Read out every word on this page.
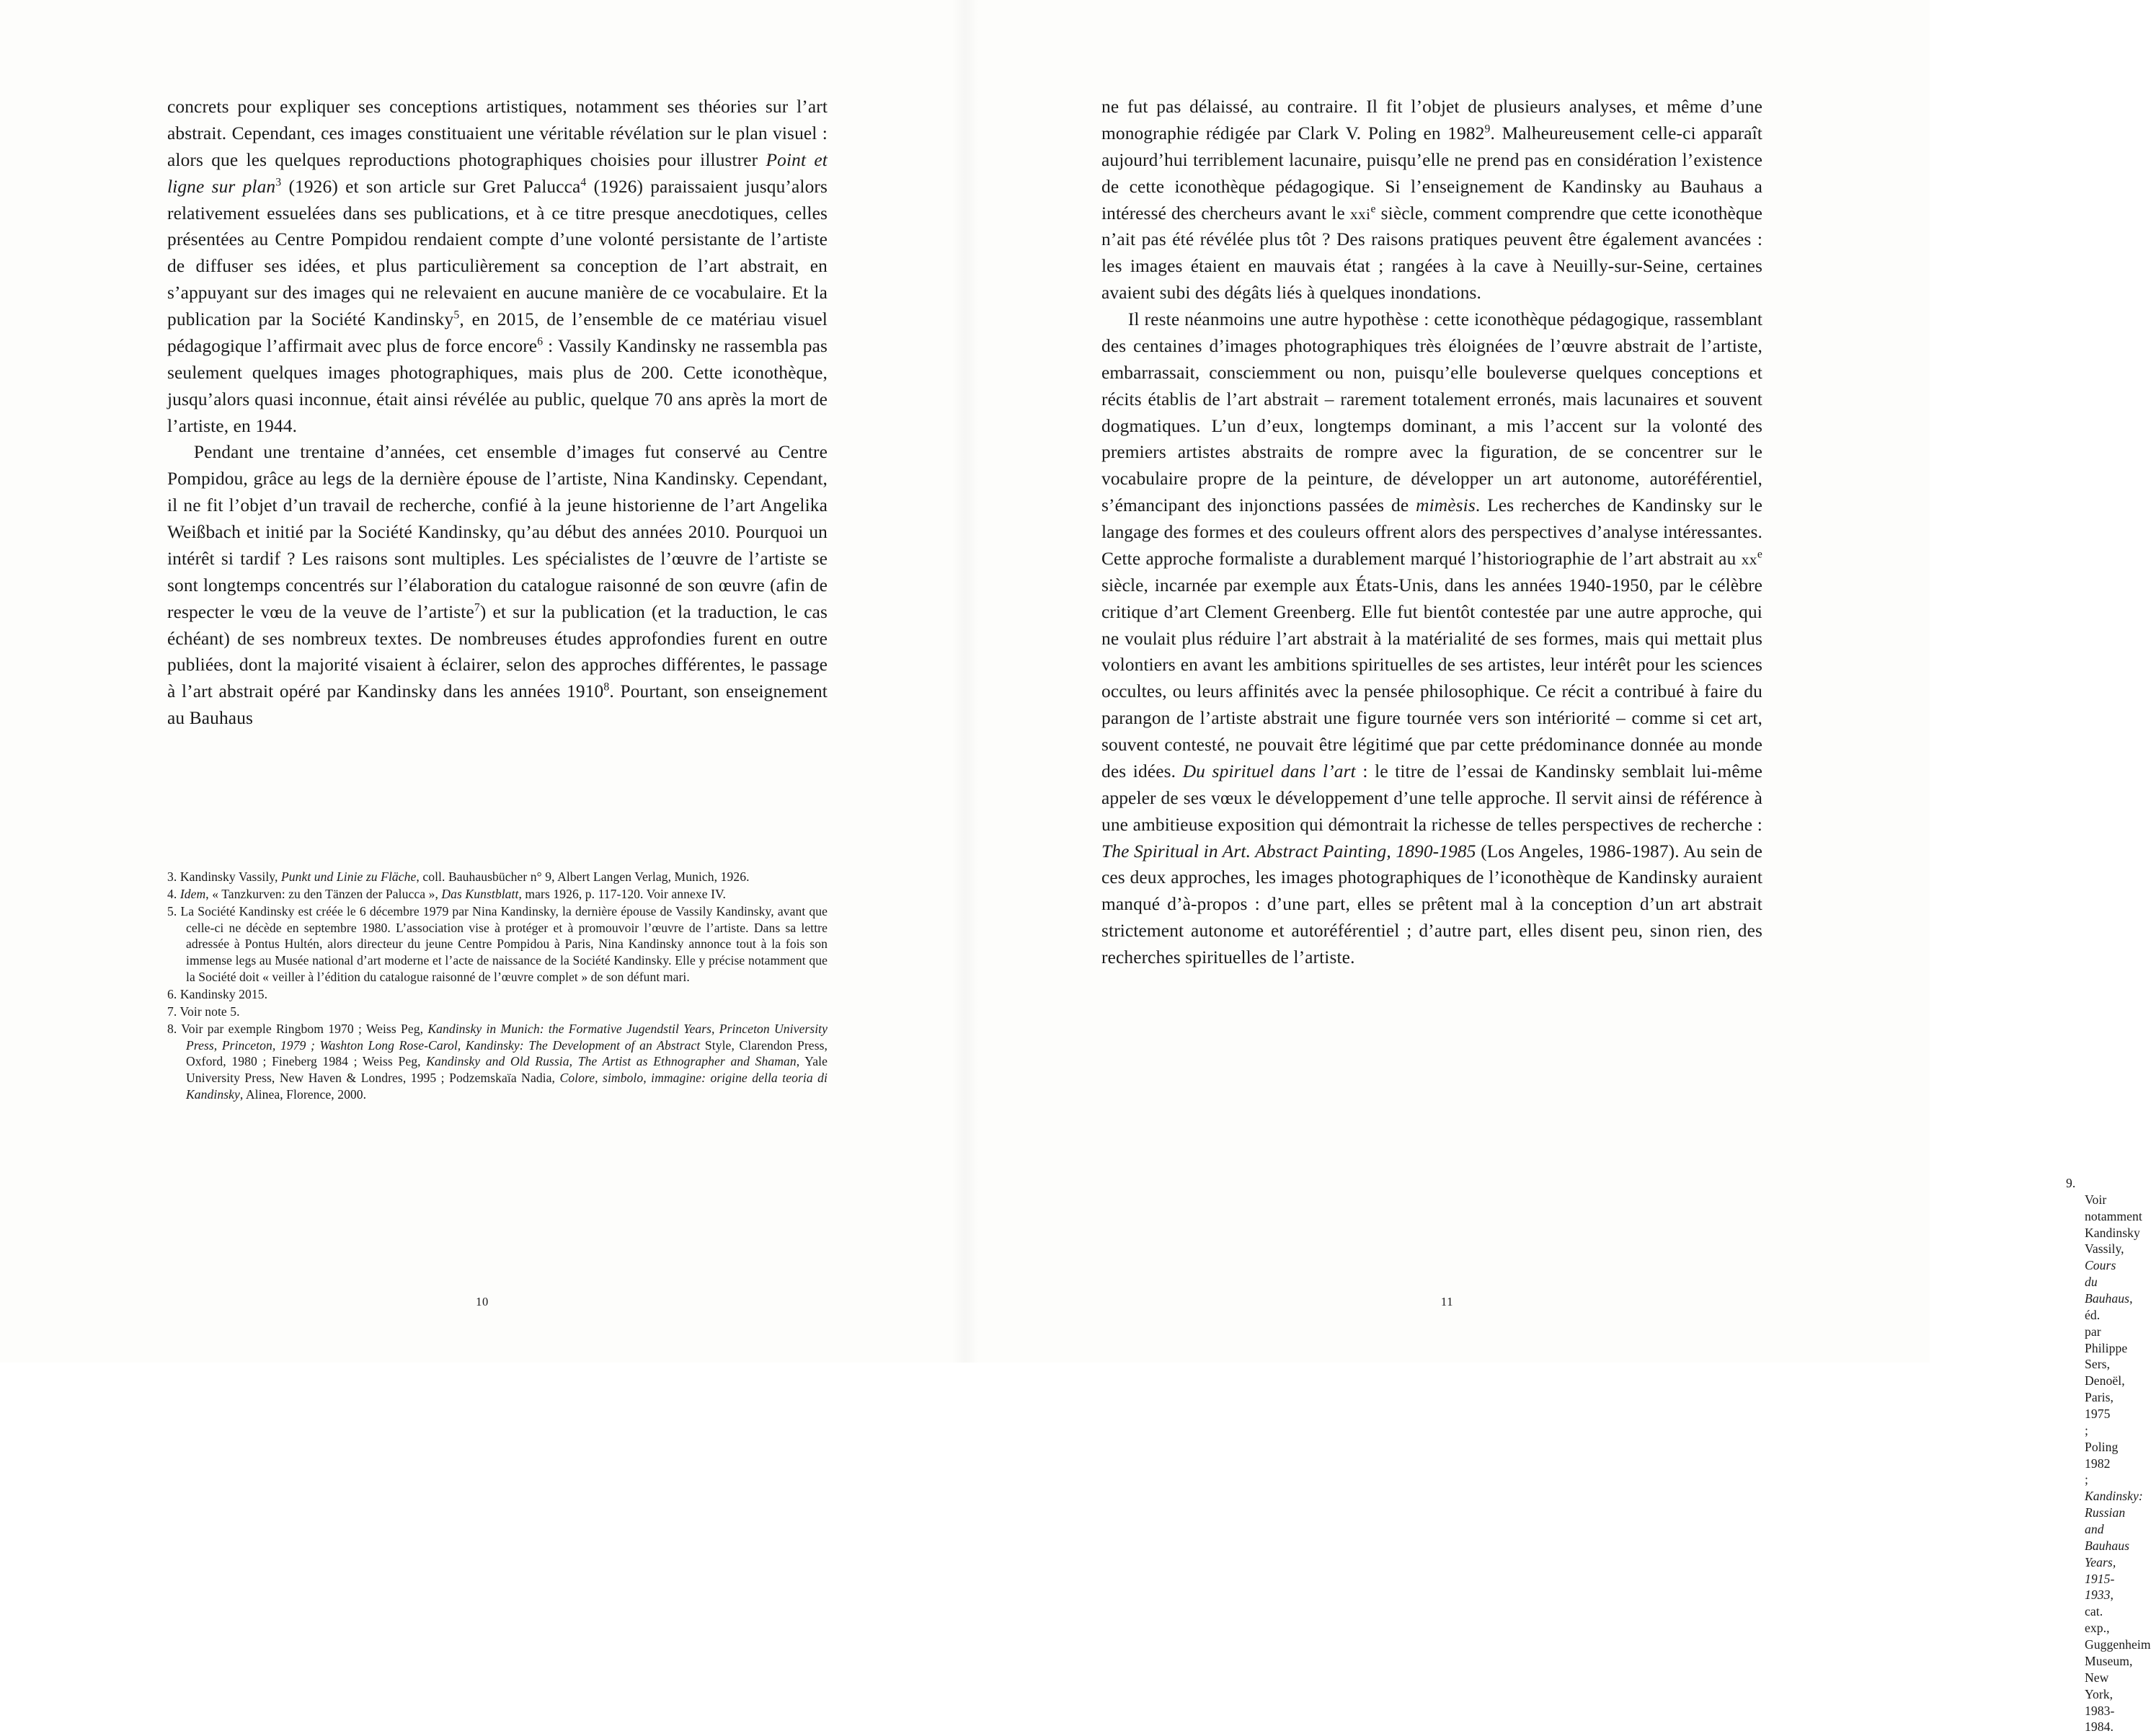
concrets pour expliquer ses conceptions artistiques, notamment ses théories sur l’art abstrait. Cependant, ces images constituaient une véritable révélation sur le plan visuel : alors que les quelques reproductions photographiques choisies pour illustrer Point et ligne sur plan$^3$ (1926) et son article sur Gret Palucca$^4$ (1926) paraissaient jusqu’alors relativement essuelées dans ses publications, et à ce titre presque anecdotiques, celles présentées au Centre Pompidou rendaient compte d’une volonté persistante de l’artiste de diffuser ses idées, et plus particulièrement sa conception de l’art abstrait, en s’appuyant sur des images qui ne relevaient en aucune manière de ce vocabulaire. Et la publication par la Société Kandinsky$^5$, en 2015, de l’ensemble de ce matériau visuel pédagogique l’affirmait avec plus de force encore$^6$ : Vassily Kandinsky ne rassembla pas seulement quelques images photographiques, mais plus de 200. Cette iconothèque, jusqu’alors quasi inconnue, était ainsi révélée au public, quelque 70 ans après la mort de l’artiste, en 1944.

Pendant une trentaine d’années, cet ensemble d’images fut conservé au Centre Pompidou, grâce au legs de la dernière épouse de l’artiste, Nina Kandinsky. Cependant, il ne fit l’objet d’un travail de recherche, confié à la jeune historienne de l’art Angelika Weißbach et initié par la Société Kandinsky, qu’au début des années 2010. Pourquoi un intérêt si tardif ? Les raisons sont multiples. Les spécialistes de l’œuvre de l’artiste se sont longtemps concentrés sur l’élaboration du catalogue raisonné de son œuvre (afin de respecter le vœu de la veuve de l’artiste$^7$) et sur la publication (et la traduction, le cas échéant) de ses nombreux textes. De nombreuses études approfondies furent en outre publiées, dont la majorité visaient à éclairer, selon des approches différentes, le passage à l’art abstrait opéré par Kandinsky dans les années 1910$^8$. Pourtant, son enseignement au Bauhaus

3. Kandinsky Vassily, Punkt und Linie zu Fläche, coll. Bauhausbücher n° 9, Albert Langen Verlag, Munich, 1926.

4. Idem, « Tanzkurven: zu den Tänzen der Palucca », Das Kunstblatt, mars 1926, p. 117-120. Voir annexe IV.

5. La Société Kandinsky est créée le 6 décembre 1979 par Nina Kandinsky, la dernière épouse de Vassily Kandinsky, avant que celle-ci ne décède en septembre 1980. L’association vise à protéger et à promouvoir l’œuvre de l’artiste. Dans sa lettre adressée à Pontus Hultén, alors directeur du jeune Centre Pompidou à Paris, Nina Kandinsky annonce tout à la fois son immense legs au Musée national d’art moderne et l’acte de naissance de la Société Kandinsky. Elle y précise notamment que la Société doit « veiller à l’édition du catalogue raisonné de l’œuvre complet » de son défunt mari.

6. Kandinsky 2015.

7. Voir note 5.

8. Voir par exemple Ringbom 1970 ; Weiss Peg, Kandinsky in Munich: the Formative Jugendstil Years, Princeton University Press, Princeton, 1979 ; Washton Long Rose-Carol, Kandinsky: The Development of an Abstract Style, Clarendon Press, Oxford, 1980 ; Fineberg 1984 ; Weiss Peg, Kandinsky and Old Russia, The Artist as Ethnographer and Shaman, Yale University Press, New Haven & Londres, 1995 ; Podzemskaïa Nadia, Colore, simbolo, immagine: origine della teoria di Kandinsky, Alinea, Florence, 2000.

ne fut pas délaissé, au contraire. Il fit l’objet de plusieurs analyses, et même d’une monographie rédigée par Clark V. Poling en 1982$^9$. Malheureusement celle-ci apparaît aujourd’hui terriblement lacunaire, puisqu’elle ne prend pas en considération l’existence de cette iconothèque pédagogique. Si l’enseignement de Kandinsky au Bauhaus a intéressé des chercheurs avant le xxi$^e$ siècle, comment comprendre que cette iconothèque n’ait pas été révélée plus tôt ? Des raisons pratiques peuvent être également avancées : les images étaient en mauvais état ; rangées à la cave à Neuilly-sur-Seine, certaines avaient subi des dégâts liés à quelques inondations.

Il reste néanmoins une autre hypothèse : cette iconothèque pédagogique, rassemblant des centaines d’images photographiques très éloignées de l’œuvre abstrait de l’artiste, embarrassait, consciemment ou non, puisqu’elle bouleverse quelques conceptions et récits établis de l’art abstrait – rarement totalement erronés, mais lacunaires et souvent dogmatiques. L’un d’eux, longtemps dominant, a mis l’accent sur la volonté des premiers artistes abstraits de rompre avec la figuration, de se concentrer sur le vocabulaire propre de la peinture, de développer un art autonome, autoréférentiel, s’émancipant des injonctions passées de mimèsis. Les recherches de Kandinsky sur le langage des formes et des couleurs offrent alors des perspectives d’analyse intéressantes. Cette approche formaliste a durablement marqué l’historiographie de l’art abstrait au $xx^e$ siècle, incarnée par exemple aux États-Unis, dans les années 1940-1950, par le célèbre critique d’art Clement Greenberg. Elle fut bientôt contestée par une autre approche, qui ne voulait plus réduire l’art abstrait à la matérialité de ses formes, mais qui mettait plus volontiers en avant les ambitions spirituelles de ses artistes, leur intérêt pour les sciences occultes, ou leurs affinités avec la pensée philosophique. Ce récit a contribué à faire du parangon de l’artiste abstrait une figure tournée vers son intériorité – comme si cet art, souvent contesté, ne pouvait être légitimé que par cette prédominance donnée au monde des idées. Du spirituel dans l’art : le titre de l’essai de Kandinsky semblait lui-même appeler de ses vœux le développement d’une telle approche. Il servit ainsi de référence à une ambitieuse exposition qui démontrait la richesse de telles perspectives de recherche : The Spiritual in Art. Abstract Painting, 1890-1985 (Los Angeles, 1986-1987). Au sein de ces deux approches, les images photographiques de l’iconothèque de Kandinsky auraient manqué d’à-propos : d’une part, elles se prêtent mal à la conception d’un art abstrait strictement autonome et autoréférentiel ; d’autre part, elles disent peu, sinon rien, des recherches spirituelles de l’artiste.

9. Voir notamment Kandinsky Vassily, Cours du Bauhaus, éd. par Philippe Sers, Denoël, Paris, 1975 ; Poling 1982 ; Kandinsky: Russian and Bauhaus Years, 1915-1933, cat. exp., Guggenheim Museum, New York, 1983-1984.

10	11
